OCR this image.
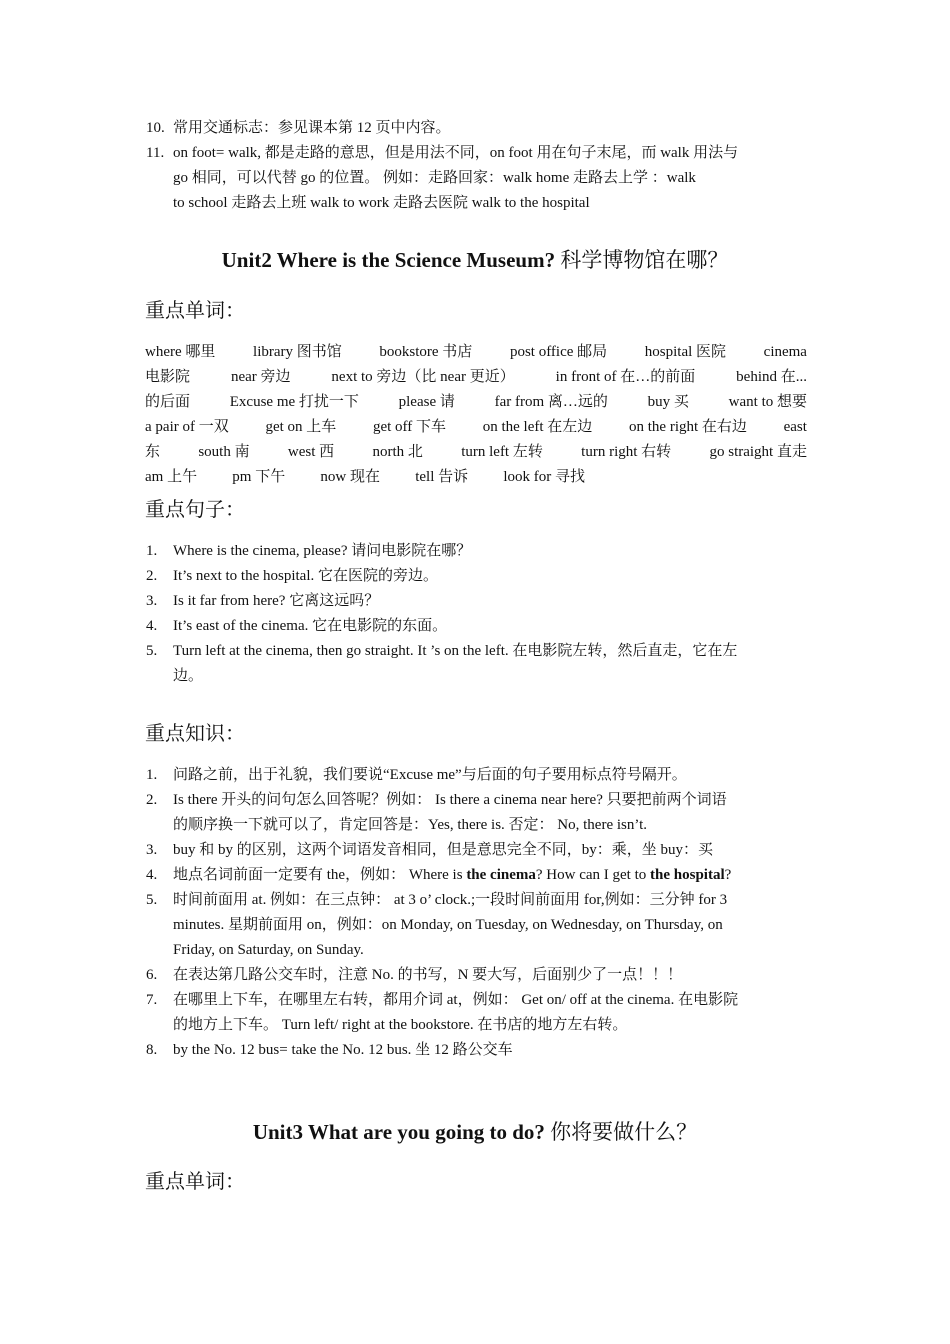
10. 常用交通标志：参见课本第 12 页中内容。
11. on foot= walk, 都是走路的意思，但是用法不同，on foot 用在句子末尾，而 walk 用法与
go 相同，可以代替 go 的位置。 例如：走路回家：walk home 走路去上学 ：walk
to school 走路去上班 walk to work 走路去医院 walk to the hospital
Unit2 Where is the Science Museum? 科学博物馆在哪？
重点单词：
where 哪里	library 图书馆	bookstore 书店	post office 邮局	hospital 医院	cinema
电影院	near 旁边	next to 旁边（比 near 更近）	in front of 在…的前面	behind 在...
的后面	Excuse me 打扰一下	please 请	far from 离…远的	buy 买	want to 想要
a pair of 一双 get on 上车 get off 下车 on the left 在左边 on the right 在右边 east
东	south 南	west 西	north 北	turn left 左转	turn right 右转	go straight 直走
am 上午 pm 下午 now 现在 tell 告诉 look for 寻找
重点句子：
1.	Where is the cinema, please? 请问电影院在哪？
2.	It’s next to the hospital. 它在医院的旁边。
3.	Is it far from here? 它离这远吗？
4.	It’s east of the cinema. 它在电影院的东面。
5.	Turn left at the cinema, then go straight. It ’s on the left. 在电影院左转，然后直走，它在左
边。
重点知识：
1.	问路之前，出于礼貌，我们要说“Excuse me”与后面的句子要用标点符号隔开。
2.	Is there 开头的问句怎么回答呢？例如： Is there a cinema near here? 只要把前两个词语
的顺序换一下就可以了，肯定回答是：Yes, there is. 否定： No, there isn’t.
3.	buy 和 by 的区别，这两个词语发音相同，但是意思完全不同，by：乘，坐 buy：买
4.	地点名词前面一定要有 the，例如： Where is the cinema? How can I get to the hospital?
5.	时间前面用 at. 例如：在三点钟： at 3 o’ clock.;一段时间前面用 for,例如：三分钟 for 3
minutes. 星期前面用 on，例如：on Monday, on Tuesday, on Wednesday, on Thursday, on
Friday, on Saturday, on Sunday.
6.	在表达第几路公交车时，注意 No. 的书写，N 要大写，后面别少了一点！！！
7.	在哪里上下车，在哪里左右转，都用介词 at，例如： Get on/ off at the cinema. 在电影院
的地方上下车。 Turn left/ right at the bookstore. 在书店的地方左右转。
8.	by the No. 12 bus= take the No. 12 bus. 坐 12 路公交车
Unit3 What are you going to do? 你将要做什么？
重点单词：
